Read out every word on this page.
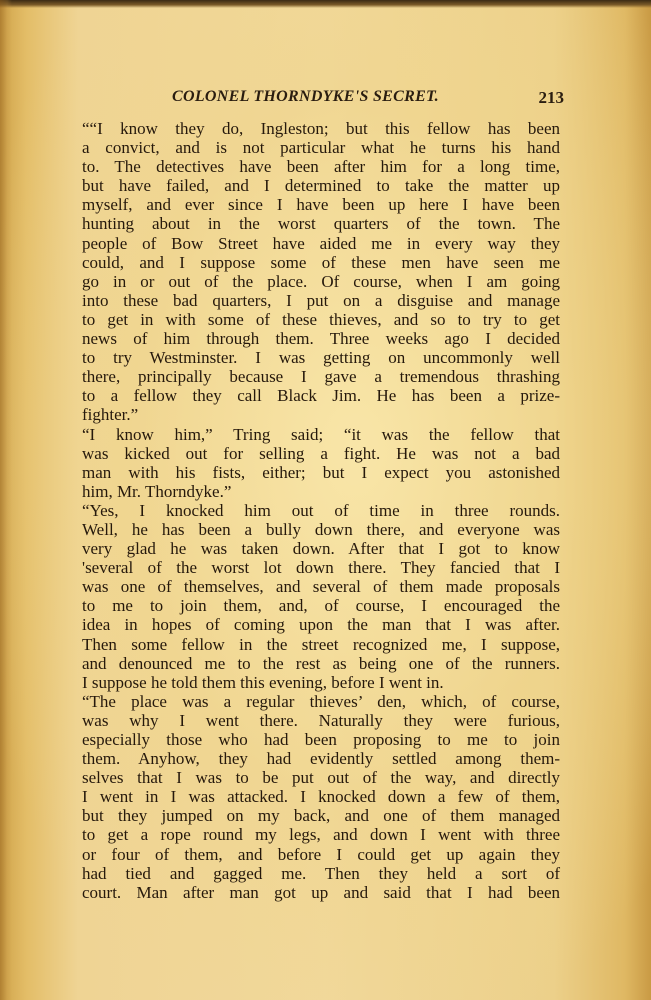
COLONEL THORNDYKE'S SECRET.	213
““I know they do, Ingleston; but this fellow has been
a convict, and is not particular what he turns his hand
to. The detectives have been after him for a long time,
but have failed, and I determined to take the matter up
myself, and ever since I have been up here I have been
hunting about in the worst quarters of the town. The
people of Bow Street have aided me in every way they
could, and I suppose some of these men have seen me
go in or out of the place. Of course, when I am going
into these bad quarters, I put on a disguise and manage
to get in with some of these thieves, and so to try to get
news of him through them. Three weeks ago I decided
to try Westminster. I was getting on uncommonly well
there, principally because I gave a tremendous thrashing
to a fellow they call Black Jim. He has been a prize-
fighter.”
“I know him,” Tring said; “it was the fellow that
was kicked out for selling a fight. He was not a bad
man with his fists, either; but I expect you astonished
him, Mr. Thorndyke.”
“Yes, I knocked him out of time in three rounds.
Well, he has been a bully down there, and everyone was
very glad he was taken down. After that I got to know
'several of the worst lot down there. They fancied that I
was one of themselves, and several of them made proposals
to me to join them, and, of course, I encouraged the
idea in hopes of coming upon the man that I was after.
Then some fellow in the street recognized me, I suppose,
and denounced me to the rest as being one of the runners.
I suppose he told them this evening, before I went in.
“The place was a regular thieves’ den, which, of course,
was why I went there. Naturally they were furious,
especially those who had been proposing to me to join
them. Anyhow, they had evidently settled among them-
selves that I was to be put out of the way, and directly
I went in I was attacked. I knocked down a few of them,
but they jumped on my back, and one of them managed
to get a rope round my legs, and down I went with three
or four of them, and before I could get up again they
had tied and gagged me. Then they held a sort of
court. Man after man got up and said that I had been
